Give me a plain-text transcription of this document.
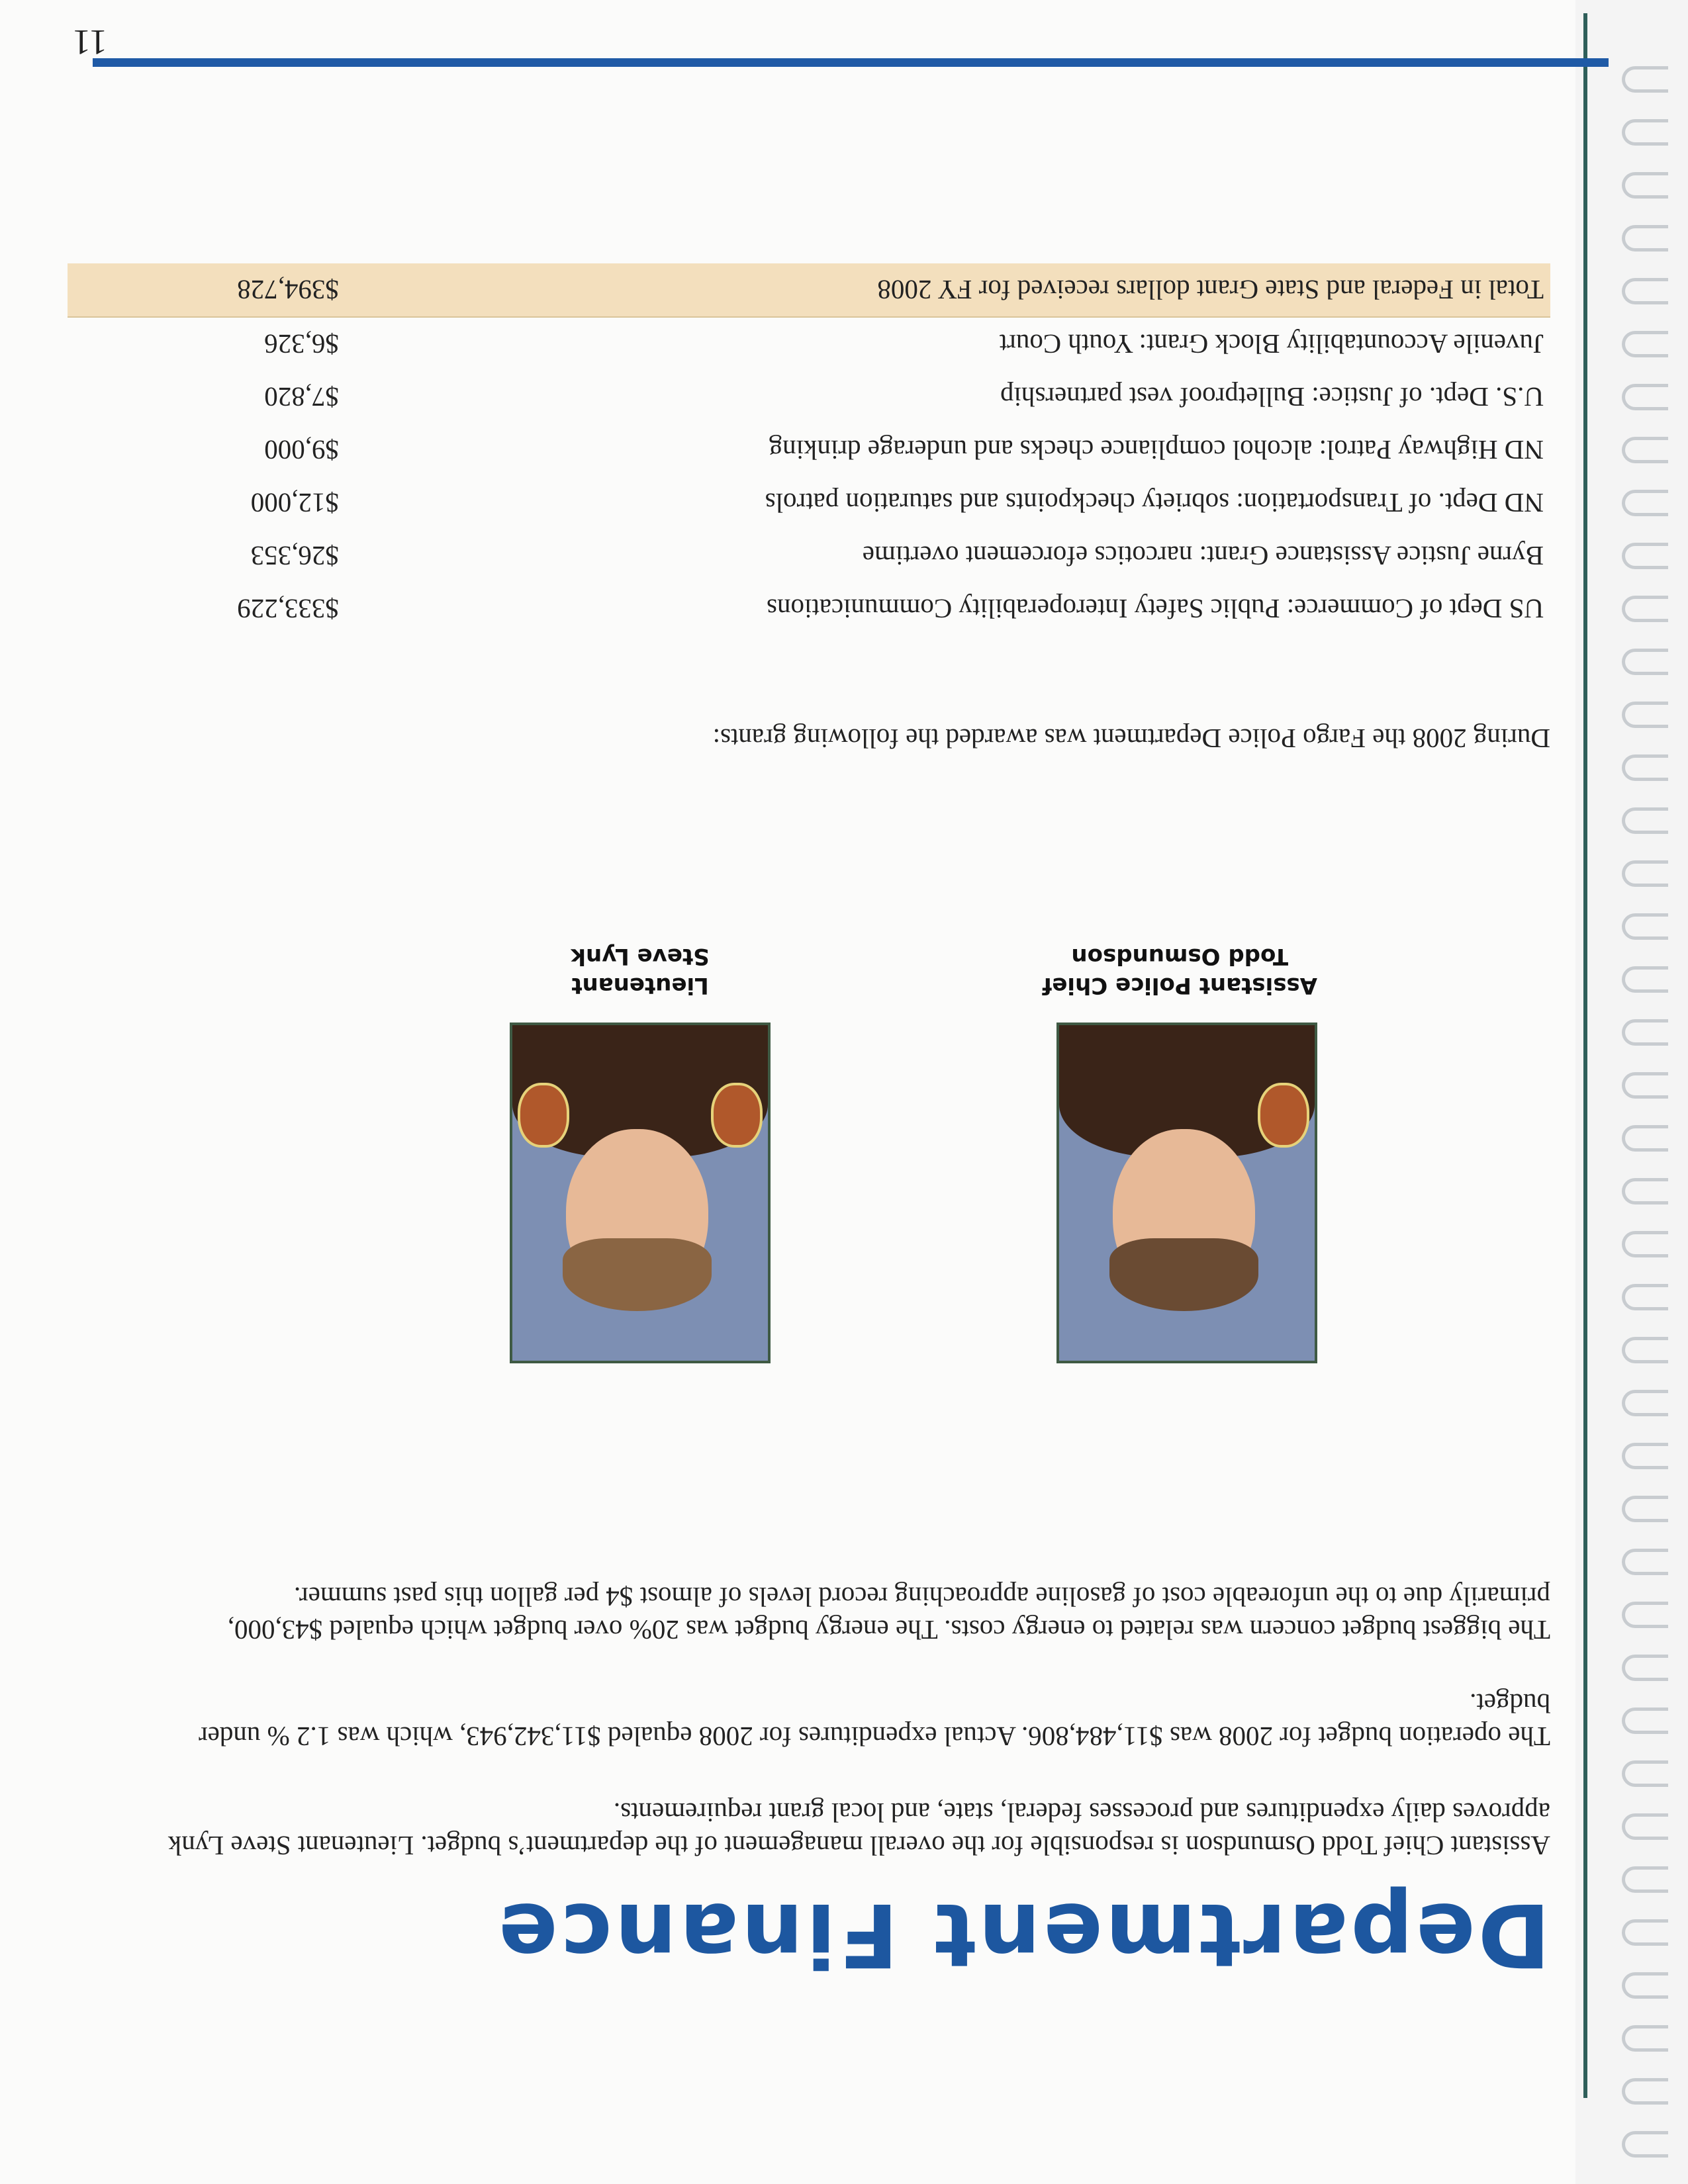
11
Department Finance
Assistant Chief Todd Osmundson is responsible for the overall management of the department’s budget. Lieutenant Steve Lynk approves daily expenditures and processes federal, state, and local grant requirements.
The operation budget for 2008 was $11,484,806. Actual expenditures for 2008 equaled $11,342,943, which was 1.2 % under budget.
The biggest budget concern was related to energy costs. The energy budget was 20% over budget which equaled $43,000, primarily due to the unforeable cost of gasoline approaching record levels of almost $4 per gallon this past summer.
Assistant Police Chief
Todd Osmundson
Lieutenant
Steve Lynk
During 2008 the Fargo Police Department was awarded the following grants:
US Dept of Commerce: Public Safety Interoperability Communications	$333,229
Byrne Justice Assistance Grant: narcotics eforcement overtime	$26,353
ND Dept. of Transportation: sobriety checkpoints and saturation patrols	$12,000
ND Highway Patrol: alcohol compliance checks and underage drinking	$9,000
U.S. Dept. of Justice: Bulletproof vest partnership	$7,820
Juvenile Accountability Block Grant: Youth Court	$6,326
Total in Federal and State Grant dollars received for FY 2008	$394,728
